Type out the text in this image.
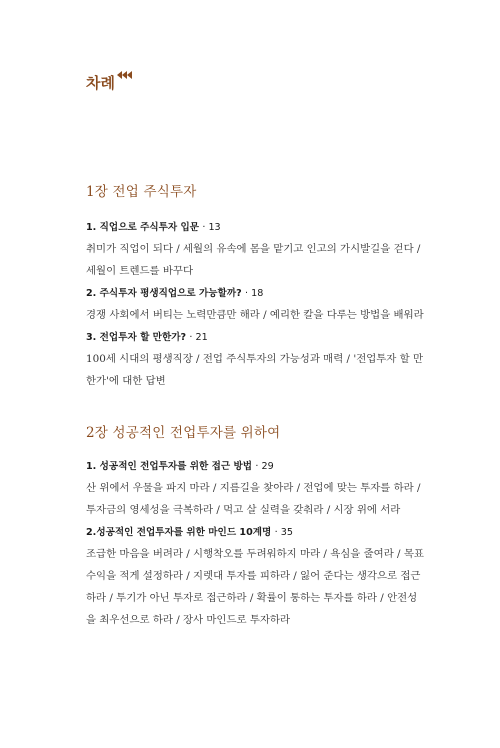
차례
1장 전업 주식투자
1. 직업으로 주식투자 입문 · 13
취미가 직업이 되다 / 세월의 유속에 몸을 맡기고 인고의 가시발길을 걷다 /
세월이 트렌드를 바꾸다
2. 주식투자 평생직업으로 가능할까? · 18
경쟁 사회에서 버티는 노력만큼만 해라 / 예리한 칼을 다루는 방법을 배워라
3. 전업투자 할 만한가? · 21
100세 시대의 평생직장 / 전업 주식투자의 가능성과 매력 / '전업투자 할 만
한가'에 대한 답변
2장 성공적인 전업투자를 위하여
1. 성공적인 전업투자를 위한 접근 방법 · 29
산 위에서 우물을 파지 마라 / 지름길을 찾아라 / 전업에 맞는 투자를 하라 /
투자금의 영세성을 극복하라 / 먹고 살 실력을 갖춰라 / 시장 위에 서라
2.성공적인 전업투자를 위한 마인드 10계명 · 35
조급한 마음을 버려라 / 시행착오를 두려워하지 마라 / 욕심을 줄여라 / 목표
수익을 적게 설정하라 / 지렛대 투자를 피하라 / 잃어 준다는 생각으로 접근
하라 / 투기가 아닌 투자로 접근하라 / 확률이 통하는 투자를 하라 / 안전성
을 최우선으로 하라 / 장사 마인드로 투자하라
